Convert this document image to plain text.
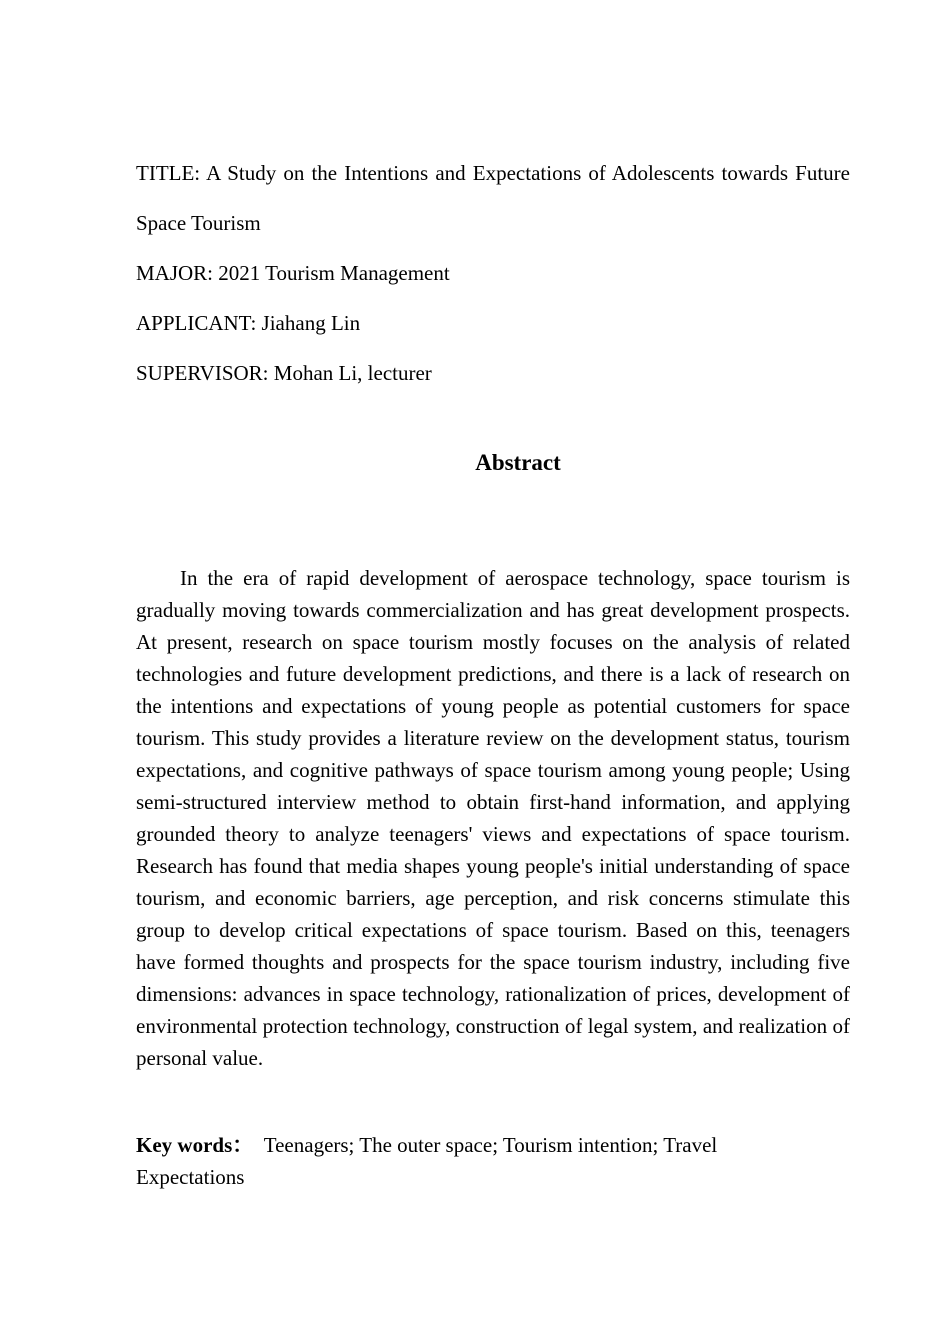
TITLE: A Study on the Intentions and Expectations of Adolescents towards Future Space Tourism
MAJOR: 2021 Tourism Management
APPLICANT: Jiahang Lin
SUPERVISOR: Mohan Li, lecturer
Abstract

In the era of rapid development of aerospace technology, space tourism is gradually moving towards commercialization and has great development prospects. At present, research on space tourism mostly focuses on the analysis of related technologies and future development predictions, and there is a lack of research on the intentions and expectations of young people as potential customers for space tourism. This study provides a literature review on the development status, tourism expectations, and cognitive pathways of space tourism among young people; Using semi-structured interview method to obtain first-hand information, and applying grounded theory to analyze teenagers' views and expectations of space tourism. Research has found that media shapes young people's initial understanding of space tourism, and economic barriers, age perception, and risk concerns stimulate this group to develop critical expectations of space tourism. Based on this, teenagers have formed thoughts and prospects for the space tourism industry, including five dimensions: advances in space technology, rationalization of prices, development of environmental protection technology, construction of legal system, and realization of personal value.

Key words： Teenagers; The outer space; Tourism intention; Travel Expectations
